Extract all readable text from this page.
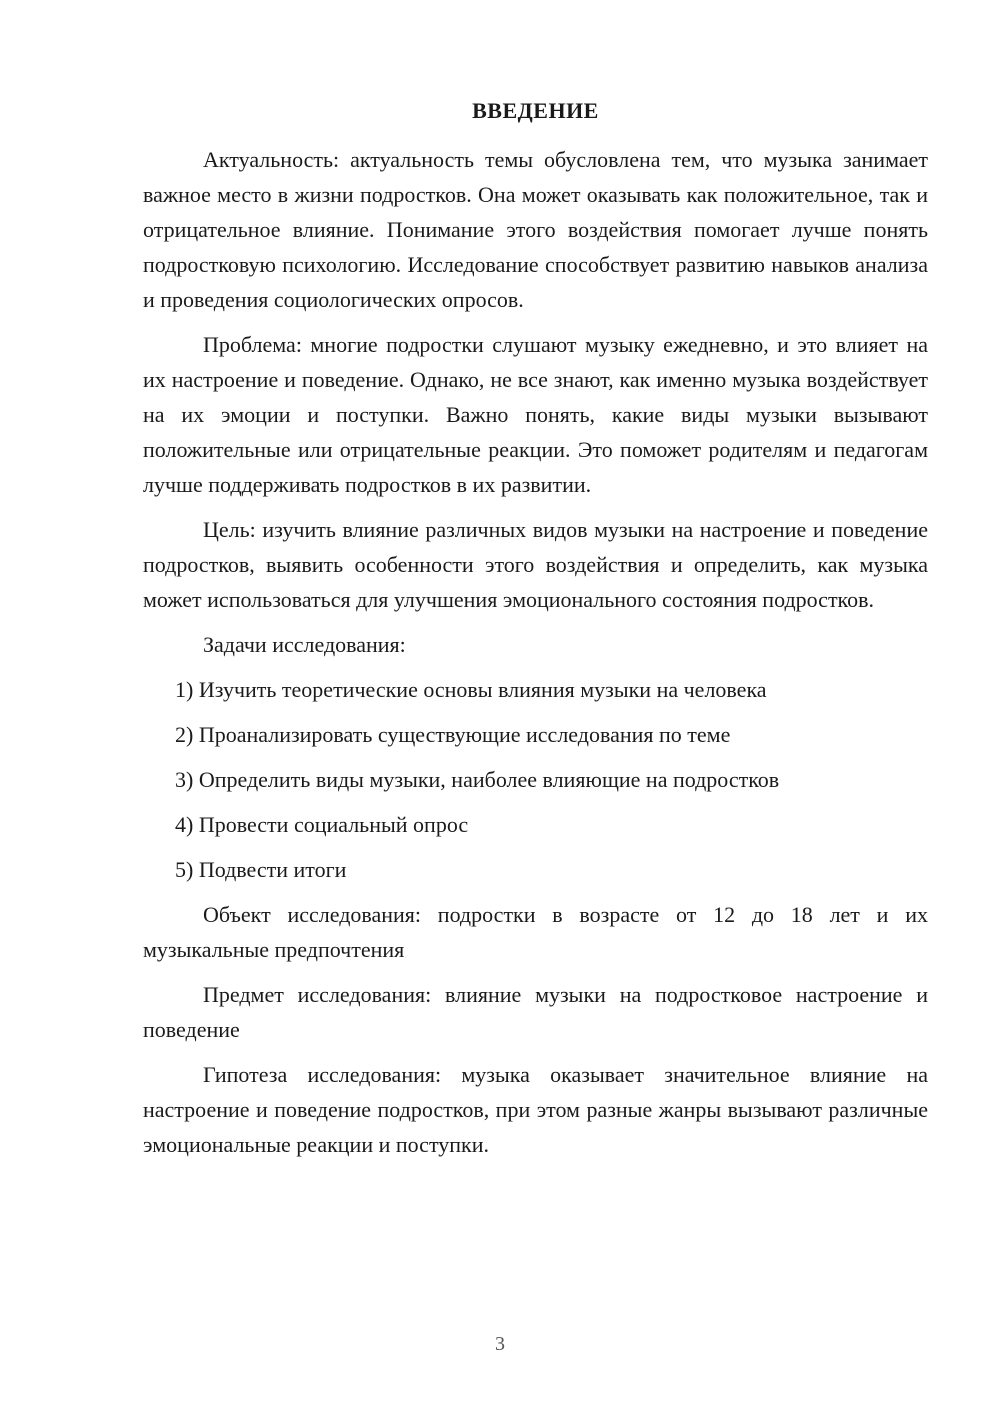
ВВЕДЕНИЕ

Актуальность: актуальность темы обусловлена тем, что музыка занимает важное место в жизни подростков. Она может оказывать как положительное, так и отрицательное влияние. Понимание этого воздействия помогает лучше понять подростковую психологию. Исследование способствует развитию навыков анализа и проведения социологических опросов.

Проблема: многие подростки слушают музыку ежедневно, и это влияет на их настроение и поведение. Однако, не все знают, как именно музыка воздействует на их эмоции и поступки. Важно понять, какие виды музыки вызывают положительные или отрицательные реакции. Это поможет родителям и педагогам лучше поддерживать подростков в их развитии.

Цель: изучить влияние различных видов музыки на настроение и поведение подростков, выявить особенности этого воздействия и определить, как музыка может использоваться для улучшения эмоционального состояния подростков.

Задачи исследования:

1) Изучить теоретические основы влияния музыки на человека
2) Проанализировать существующие исследования по теме
3) Определить виды музыки, наиболее влияющие на подростков
4) Провести социальный опрос
5) Подвести итоги

Объект исследования: подростки в возрасте от 12 до 18 лет и их музыкальные предпочтения

Предмет исследования: влияние музыки на подростковое настроение и поведение

Гипотеза исследования: музыка оказывает значительное влияние на настроение и поведение подростков, при этом разные жанры вызывают различные эмоциональные реакции и поступки.

3
